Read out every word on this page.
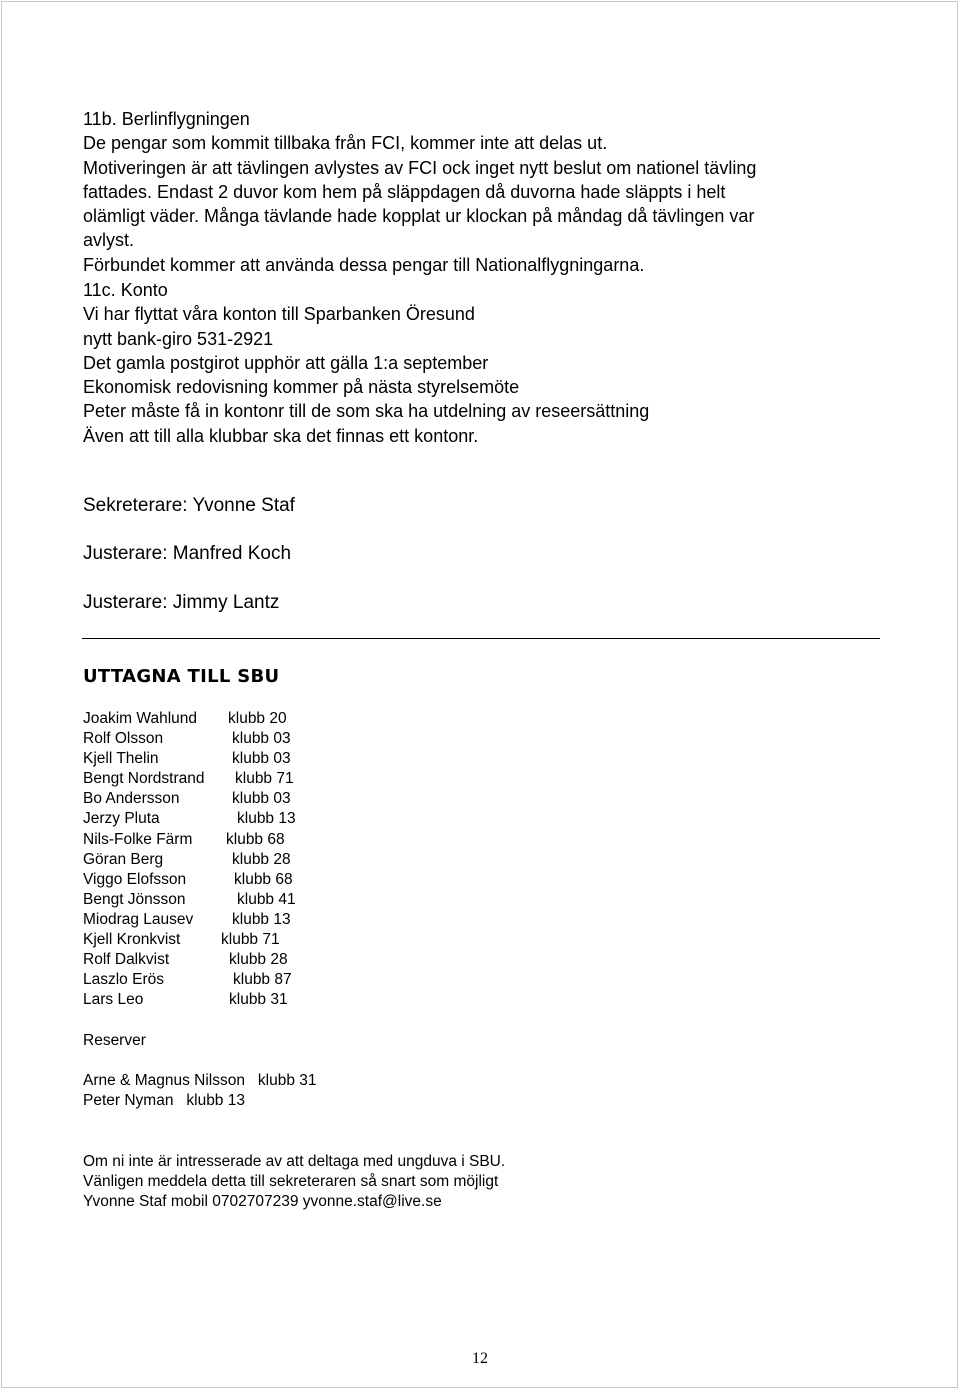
11b. Berlinflygningen

De pengar som kommit tillbaka från FCI, kommer inte att delas ut.

Motiveringen är att tävlingen avlystes av FCI ock inget nytt beslut om nationel tävling

fattades. Endast 2 duvor kom hem på släppdagen då duvorna hade släppts i helt

olämligt väder. Många tävlande hade kopplat ur klockan på måndag då tävlingen var

avlyst.

Förbundet kommer att använda dessa pengar till Nationalflygningarna.

11c. Konto

Vi har flyttat våra konton till Sparbanken Öresund

nytt bank-giro 531-2921

Det gamla postgirot upphör att gälla 1:a september

Ekonomisk redovisning kommer på nästa styrelsemöte

Peter måste få in kontonr till de som ska ha utdelning av reseersättning

Även att till alla klubbar ska det finnas ett kontonr.

Sekreterare: Yvonne Staf
Justerare: Manfred Koch
Justerare: Jimmy Lantz
UTTAGNA TILL SBU
Joakim Wahlund klubb 20
Rolf Olsson	klubb 03
Kjell Thelin	klubb 03
Bengt Nordstrand klubb 71
Bo Andersson	klubb 03
Jerzy Pluta	klubb 13
Nils-Folke Färm klubb 68
Göran Berg	klubb 28
Viggo Elofsson	klubb 68
Bengt Jönsson	klubb 41
Miodrag Lausev klubb 13
Kjell Kronkvist	klubb 71
Rolf Dalkvist	klubb 28
Laszlo Erös	klubb 87
Lars Leo	klubb 31
Reserver
Arne & Magnus Nilsson klubb 31
Peter Nyman klubb 13

Om ni inte är intresserade av att deltaga med ungduva i SBU.

Vänligen meddela detta till sekreteraren så snart som möjligt

Yvonne Staf mobil 0702707239 yvonne.staf@live.se

12
